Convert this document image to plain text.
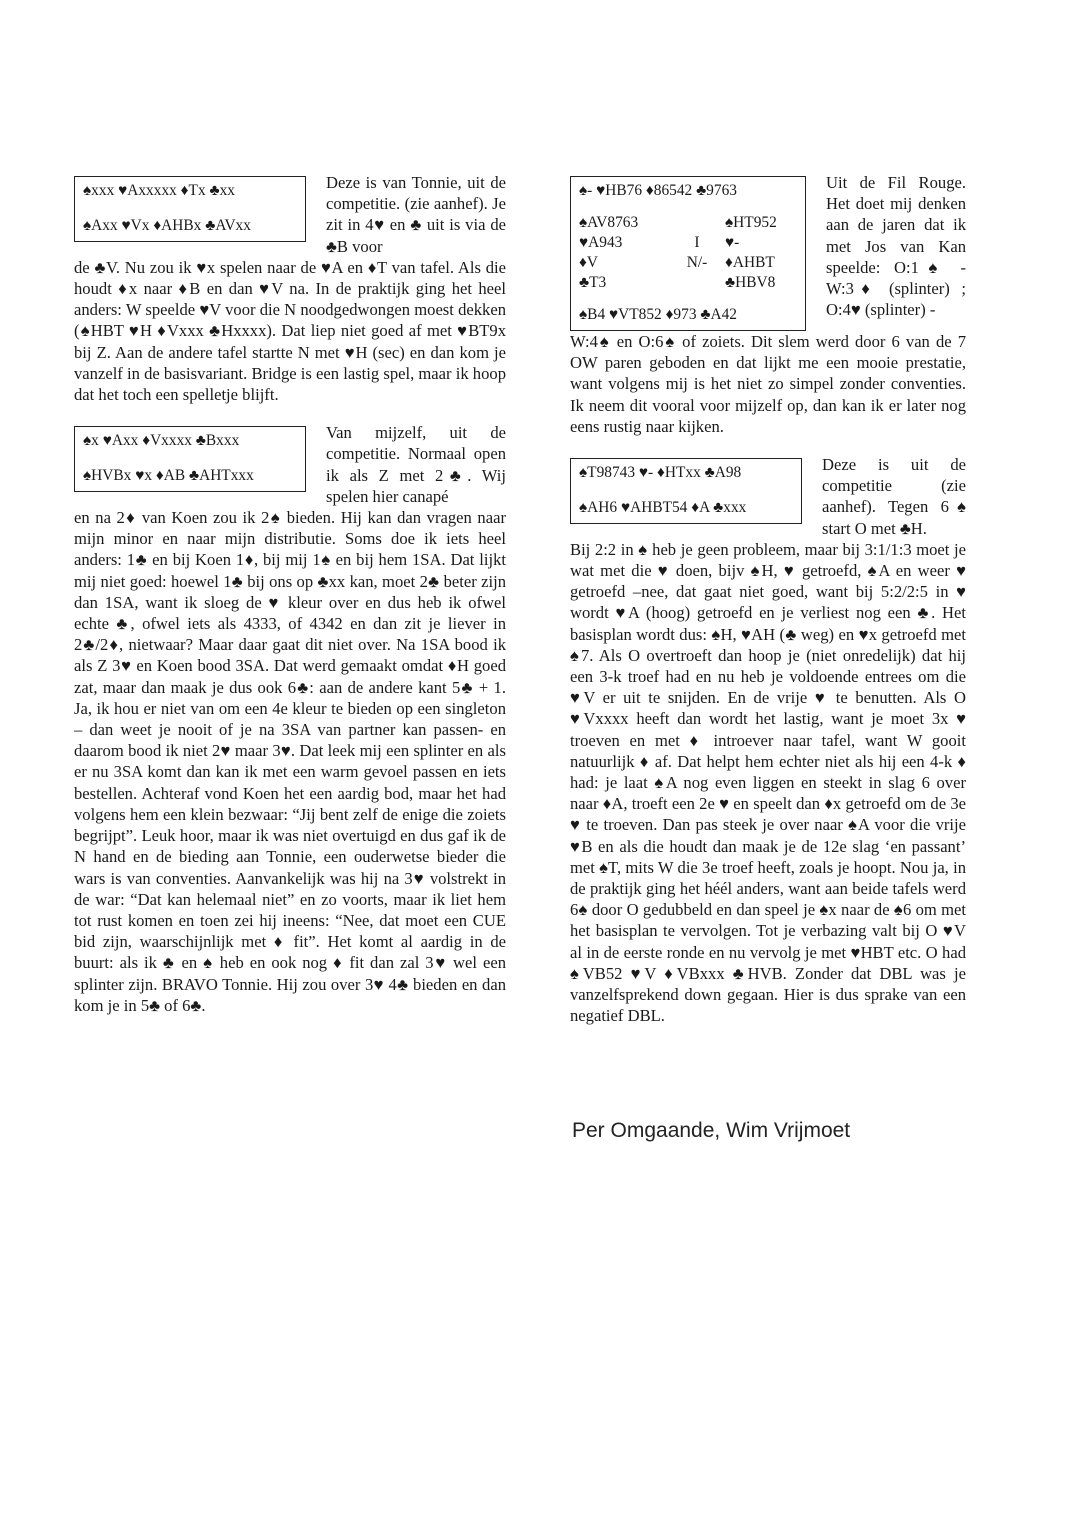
♠xxx ♥Axxxxx ♦Tx ♣xx
♠Axx ♥Vx ♦AHBx ♣AVxx
Deze is van Tonnie, uit de competitie. (zie aanhef). Je zit in 4♥ en ♣ uit is via de ♣B voor

de ♣V. Nu zou ik ♥x spelen naar de ♥A en ♦T van tafel. Als die houdt ♦x naar ♦B en dan ♥V na. In de praktijk ging het heel anders: W speelde ♥V voor die N noodgedwongen moest dekken (♠HBT ♥H ♦Vxxx ♣Hxxxx). Dat liep niet goed af met ♥BT9x bij Z. Aan de andere tafel startte N met ♥H (sec) en dan kom je vanzelf in de basisvariant. Bridge is een lastig spel, maar ik hoop dat het toch een spelletje blijft.

♠x ♥Axx ♦Vxxxx ♣Bxxx
♠HVBx ♥x ♦AB ♣AHTxxx
Van mijzelf, uit de competitie. Normaal open ik als Z met 2♣. Wij spelen hier canapé

en na 2♦ van Koen zou ik 2♠ bieden. Hij kan dan vragen naar mijn minor en naar mijn distributie. Soms doe ik iets heel anders: 1♣ en bij Koen 1♦, bij mij 1♠ en bij hem 1SA. Dat lijkt mij niet goed: hoewel 1♣ bij ons op ♣xx kan, moet 2♣ beter zijn dan 1SA, want ik sloeg de ♥ kleur over en dus heb ik ofwel echte ♣, ofwel iets als 4333, of 4342 en dan zit je liever in 2♣/2♦, nietwaar? Maar daar gaat dit niet over. Na 1SA bood ik als Z 3♥ en Koen bood 3SA. Dat werd gemaakt omdat ♦H goed zat, maar dan maak je dus ook 6♣: aan de andere kant 5♣ + 1. Ja, ik hou er niet van om een 4e kleur te bieden op een singleton – dan weet je nooit of je na 3SA van partner kan passen- en daarom bood ik niet 2♥ maar 3♥. Dat leek mij een splinter en als er nu 3SA komt dan kan ik met een warm gevoel passen en iets bestellen. Achteraf vond Koen het een aardig bod, maar het had volgens hem een klein bezwaar: “Jij bent zelf de enige die zoiets begrijpt”. Leuk hoor, maar ik was niet overtuigd en dus gaf ik de N hand en de bieding aan Tonnie, een ouderwetse bieder die wars is van conventies. Aanvankelijk was hij na 3♥ volstrekt in de war: “Dat kan helemaal niet” en zo voorts, maar ik liet hem tot rust komen en toen zei hij ineens: “Nee, dat moet een CUE bid zijn, waarschijnlijk met ♦ fit”. Het komt al aardig in de buurt: als ik ♣ en ♠ heb en ook nog ♦ fit dan zal 3♥ wel een splinter zijn. BRAVO Tonnie. Hij zou over 3♥ 4♣ bieden en dan kom je in 5♣ of 6♣.

♠- ♥HB76 ♦86542 ♣9763
♠AV8763	♠HT952
♥A943	I	♥-
♦V	N/-	♦AHBT
♣T3	♣HBV8
♠B4 ♥VT852 ♦973 ♣A42
Uit de Fil Rouge. Het doet mij denken aan de jaren dat ik met Jos van Kan speelde: O:1♠ - W:3♦ (splinter) ; O:4♥ (splinter) -

W:4♠ en O:6♠ of zoiets. Dit slem werd door 6 van de 7 OW paren geboden en dat lijkt me een mooie prestatie, want volgens mij is het niet zo simpel zonder conventies. Ik neem dit vooral voor mijzelf op, dan kan ik er later nog eens rustig naar kijken.

♠T98743 ♥- ♦HTxx ♣A98
♠AH6 ♥AHBT54 ♦A ♣xxx
Deze is uit de competitie (zie aanhef). Tegen 6♠ start O met ♣H.

Bij 2:2 in ♠ heb je geen probleem, maar bij 3:1/1:3 moet je wat met die ♥ doen, bijv ♠H, ♥ getroefd, ♠A en weer ♥ getroefd –nee, dat gaat niet goed, want bij 5:2/2:5 in ♥ wordt ♥A (hoog) getroefd en je verliest nog een ♣. Het basisplan wordt dus: ♠H, ♥AH (♣ weg) en ♥x getroefd met ♠7. Als O overtroeft dan hoop je (niet onredelijk) dat hij een 3-k troef had en nu heb je voldoende entrees om die ♥V er uit te snijden. En de vrije ♥ te benutten. Als O ♥Vxxxx heeft dan wordt het lastig, want je moet 3x ♥ troeven en met ♦ introever naar tafel, want W gooit natuurlijk ♦ af. Dat helpt hem echter niet als hij een 4-k ♦ had: je laat ♠A nog even liggen en steekt in slag 6 over naar ♦A, troeft een 2e ♥ en speelt dan ♦x getroefd om de 3e ♥ te troeven. Dan pas steek je over naar ♠A voor die vrije ♥B en als die houdt dan maak je de 12e slag ‘en passant’ met ♠T, mits W die 3e troef heeft, zoals je hoopt. Nou ja, in de praktijk ging het héél anders, want aan beide tafels werd 6♠ door O gedubbeld en dan speel je ♠x naar de ♠6 om met het basisplan te vervolgen. Tot je verbazing valt bij O ♥V al in de eerste ronde en nu vervolg je met ♥HBT etc. O had ♠VB52 ♥V ♦VBxxx ♣HVB. Zonder dat DBL was je vanzelfsprekend down gegaan. Hier is dus sprake van een negatief DBL.

Per Omgaande, Wim Vrijmoet
